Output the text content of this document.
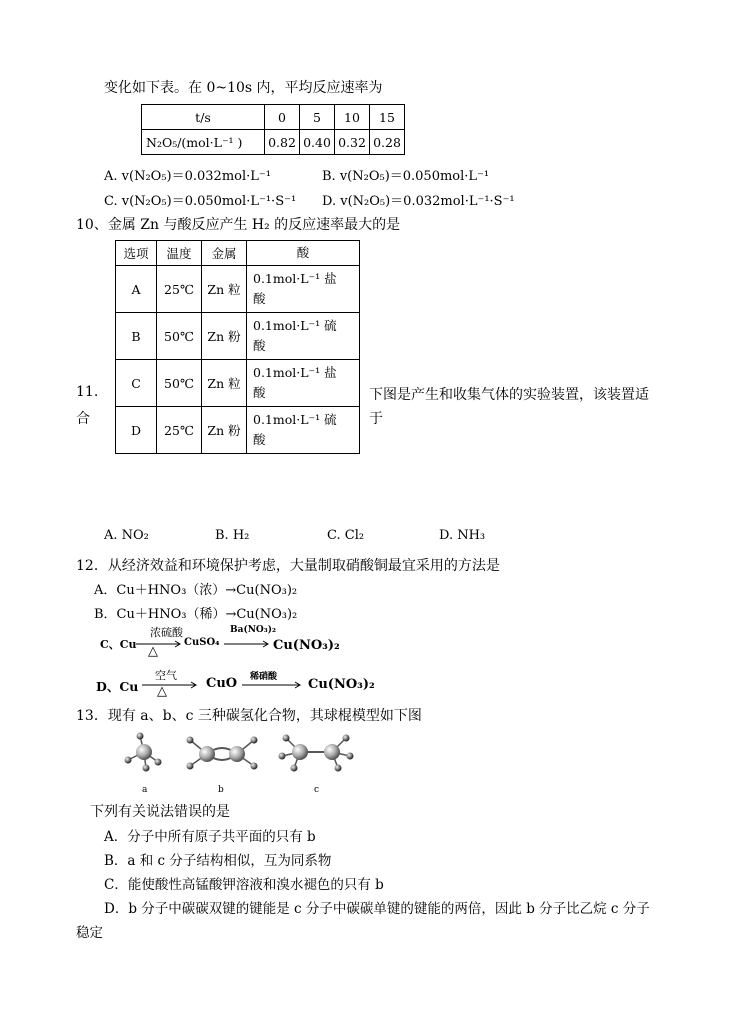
变化如下表。在 0~10s 内，平均反应速率为
t/s	0	5	10	15
N₂O₅/(mol·L⁻¹ )	0.82	0.40	0.32	0.28
A. v(N₂O₅)＝0.032mol·L⁻¹	B. v(N₂O₅)＝0.050mol·L⁻¹
C. v(N₂O₅)＝0.050mol·L⁻¹·S⁻¹ D. v(N₂O₅)＝0.032mol·L⁻¹·S⁻¹
10、金属 Zn 与酸反应产生 H₂ 的反应速率最大的是
选项	温度	金属	酸
A	25℃	Zn 粒	0.1mol·L⁻¹ 盐
酸

B	50℃	Zn 粉	0.1mol·L⁻¹ 硫
酸

C	50℃	Zn 粒	0.1mol·L⁻¹ 盐
酸

D	25℃	Zn 粉	0.1mol·L⁻¹ 硫
酸
11.
合
下图是产生和收集气体的实验装置，该装置适
于
A. NO₂	B. H₂	C. Cl₂	D. NH₃
12．从经济效益和环境保护考虑，大量制取硝酸铜最宜采用的方法是
A．Cu＋HNO₃（浓）→Cu(NO₃)₂
B．Cu＋HNO₃（稀）→Cu(NO₃)₂
C、Cu
浓硫酸
△
CuSO₄
Ba(NO₃)₂
Cu(NO₃)₂
D、Cu
空气
△
CuO 稀硝酸 Cu(NO₃)₂
13．现有 a、b、c 三种碳氢化合物，其球棍模型如下图
a	b	c
下列有关说法错误的是
A．分子中所有原子共平面的只有 b
B．a 和 c 分子结构相似，互为同系物
C．能使酸性高锰酸钾溶液和溴水褪色的只有 b
D．b 分子中碳碳双键的键能是 c 分子中碳碳单键的键能的两倍，因此 b 分子比乙烷 c 分子
稳定
